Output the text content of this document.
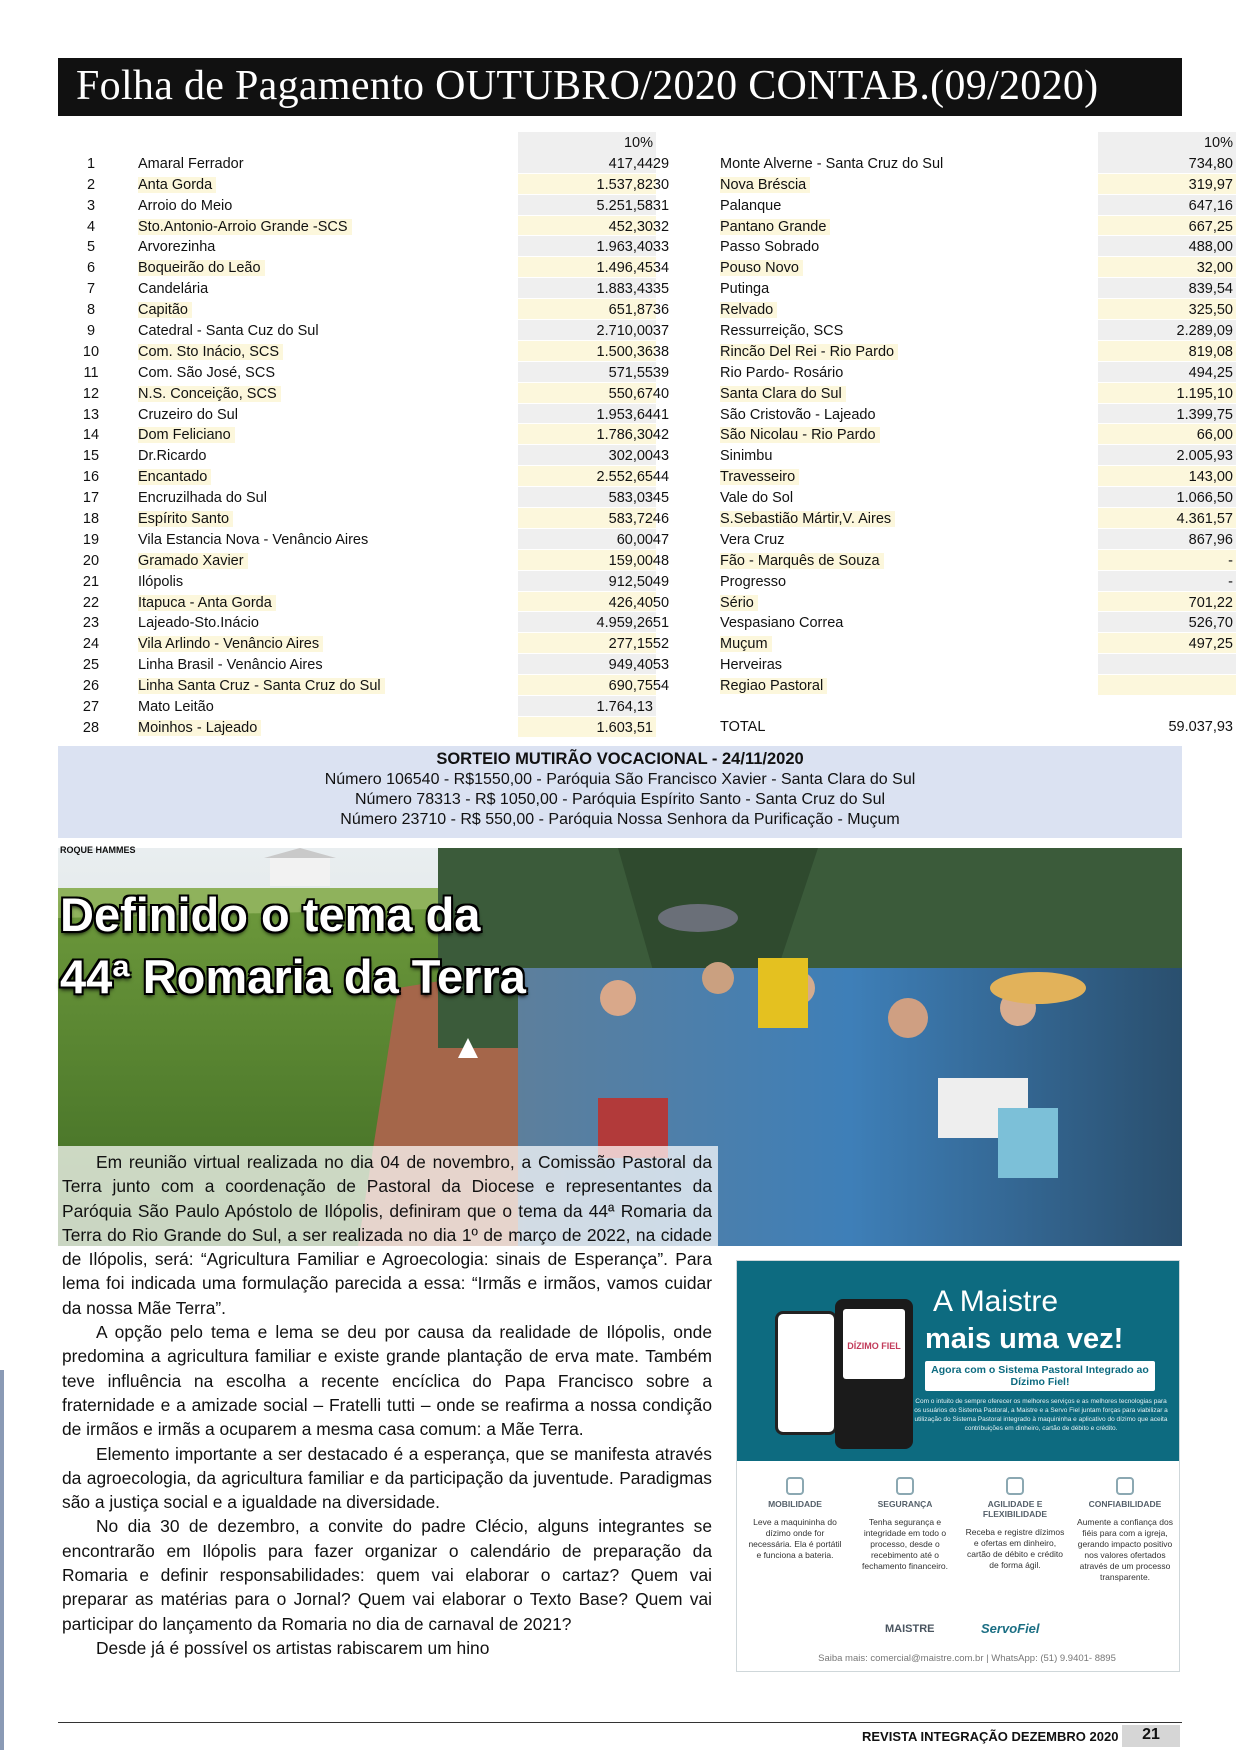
Folha de Pagamento OUTUBRO/2020 CONTAB.(09/2020)
10%
1	Amaral Ferrador	417,44
2	Anta Gorda	1.537,82
3	Arroio do Meio	5.251,58
4	Sto.Antonio-Arroio Grande -SCS	452,30
5	Arvorezinha	1.963,40
6	Boqueirão do Leão	1.496,45
7	Candelária	1.883,43
8	Capitão	651,87
9	Catedral - Santa Cuz do Sul	2.710,00
10	Com. Sto Inácio, SCS	1.500,36
11	Com. São José, SCS	571,55
12	N.S. Conceição, SCS	550,67
13	Cruzeiro do Sul	1.953,64
14	Dom Feliciano	1.786,30
15	Dr.Ricardo	302,00
16	Encantado	2.552,65
17	Encruzilhada do Sul	583,03
18	Espírito Santo	583,72
19	Vila Estancia Nova - Venâncio Aires	60,00
20	Gramado Xavier	159,00
21	Ilópolis	912,50
22	Itapuca - Anta Gorda	426,40
23	Lajeado-Sto.Inácio	4.959,26
24	Vila Arlindo - Venâncio Aires	277,15
25	Linha Brasil - Venâncio Aires	949,40
26	Linha Santa Cruz - Santa Cruz do Sul	690,75
27	Mato Leitão	1.764,13
28	Moinhos - Lajeado	1.603,51
10%
29	Monte Alverne - Santa Cruz do Sul	734,80
30	Nova Bréscia	319,97
31	Palanque	647,16
32	Pantano Grande	667,25
33	Passo Sobrado	488,00
34	Pouso Novo	32,00
35	Putinga	839,54
36	Relvado	325,50
37	Ressurreição, SCS	2.289,09
38	Rincão Del Rei - Rio Pardo	819,08
39	Rio Pardo- Rosário	494,25
40	Santa Clara do Sul	1.195,10
41	São Cristovão - Lajeado	1.399,75
42	São Nicolau - Rio Pardo	66,00
43	Sinimbu	2.005,93
44	Travesseiro	143,00
45	Vale do Sol	1.066,50
46	S.Sebastião Mártir,V. Aires	4.361,57
47	Vera Cruz	867,96
48	Fão - Marquês de Souza	-
49	Progresso	-
50	Sério	701,22
51	Vespasiano Correa	526,70
52	Muçum	497,25
53	Herveiras
54	Regiao Pastoral
TOTAL	59.037,93
SORTEIO MUTIRÃO VOCACIONAL - 24/11/2020
Número 106540 - R$1550,00 - Paróquia São Francisco Xavier - Santa Clara do Sul
Número 78313 - R$ 1050,00 - Paróquia Espírito Santo - Santa Cruz do Sul
Número 23710 - R$ 550,00 - Paróquia Nossa Senhora da Purificação - Muçum
ROQUE HAMMES
Definido o tema da
44ª Romaria da Terra

Em reunião virtual realizada no dia 04 de novembro, a Comissão Pastoral da Terra junto com a coordenação de Pastoral da Diocese e representantes da Paróquia São Paulo Apóstolo de Ilópolis, definiram que o tema da 44ª Romaria da Terra do Rio Grande do Sul, a ser realizada no dia 1º de março de 2022, na cidade de Ilópolis, será: “Agricultura Familiar e Agroecologia: sinais de Esperança”. Para lema foi indicada uma formulação parecida a essa: “Irmãs e irmãos, vamos cuidar da nossa Mãe Terra”.

A opção pelo tema e lema se deu por causa da realidade de Ilópolis, onde predomina a agricultura familiar e existe grande plantação de erva mate. Também teve influência na escolha a recente encíclica do Papa Francisco sobre a fraternidade e a amizade social – Fratelli tutti – onde se reafirma a nossa condição de irmãos e irmãs a ocuparem a mesma casa comum: a Mãe Terra.

Elemento importante a ser destacado é a esperança, que se manifesta através da agroecologia, da agricultura familiar e da participação da juventude. Paradigmas são a justiça social e a igualdade na diversidade.

No dia 30 de dezembro, a convite do padre Clécio, alguns integrantes se encontrarão em Ilópolis para fazer organizar o calendário de preparação da Romaria e definir responsabilidades: quem vai elaborar o cartaz? Quem vai preparar as matérias para o Jornal? Quem vai elaborar o Texto Base? Quem vai participar do lançamento da Romaria no dia de carnaval de 2021?

Desde já é possível os artistas rabiscarem um hino

DÍZIMO FIEL
A Maistre
mais uma vez!
Agora com o Sistema Pastoral Integrado ao Dízimo Fiel!
Com o intuito de sempre oferecer os melhores serviços e as melhores tecnologias para os usuários do Sistema Pastoral, a Maistre e a Servo Fiel juntam forças para viabilizar a utilização do Sistema Pastoral integrado à maquininha e aplicativo do dízimo que aceita contribuições em dinheiro, cartão de débito e crédito.
MOBILIDADE
Leve a maquininha do dízimo onde for necessária. Ela é portátil e funciona a bateria.
SEGURANÇA
Tenha segurança e integridade em todo o processo, desde o recebimento até o fechamento financeiro.
AGILIDADE E FLEXIBILIDADE
Receba e registre dízimos e ofertas em dinheiro, cartão de débito e crédito de forma ágil.
CONFIABILIDADE
Aumente a confiança dos fiéis para com a igreja, gerando impacto positivo nos valores ofertados através de um processo transparente.
MAISTRE	ServoFiel
Saiba mais: comercial@maistre.com.br | WhatsApp: (51) 9.9401- 8895
REVISTA INTEGRAÇÃO DEZEMBRO 2020	21
